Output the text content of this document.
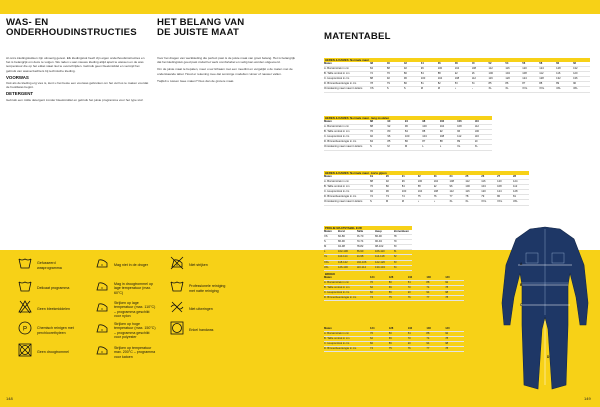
WAS- EN
ONDERHOUDINSTRUCTIES
HET BELANG VAN
DE JUISTE MAAT	MATENTABEL

Al onze kledingstukken zijn uitvoerig getest. Elk kledingstuk heeft zijn eigen onderhoudsinstructies en het is belangrijk om deze te volgen. We raden u aan nieuwe kleding altijd apart te wassen en de was temperatuur die op het etiket staat niet te overschrijden. Gebruik geen bleekmiddel en vermijd het gebruik van wasverzachters bij technische kleding.

VOORWAS

Ook als de kleding erg vies is, kunt u het beste een voorwas gebruiken om het vuil los te maken voordat de hoofdwas begint.

DETERGENT

Gebruik een milde detergent zonder bleekmiddel en gebruik het juiste programma voor het type stof.

Voor het dragen van werkkleding die perfect past is de juiste maat van groot belang. Het is belangrijk dat het kledingstuk goed past zodat het werk comfortabel en veilig kan worden uitgevoerd.

Om de juiste maat te bepalen, meet u uw lichaam met een meetlint en vergelijkt u de maten met de onderstaande tabel. Houd er rekening mee dat sommige modellen ruimer of nauwer vallen.

Twijfelt u tussen twee maten? Kies dan de grotere maat.

Gefusseerd wasprogramma
Delicaat programma
Geen bleekmiddelen
P	Chemisch reinigen met perchloorethyleen
Geen droogtrommel
Mag niet in de droger
Mag in droogtrommel op lage temperatuur (max. 60°C)
Strijken op lage temperatuur (max. 110°C) – programma geschikt voor nylon
Strijken op hoge temperatuur (max. 150°C) – programma geschikt voor polyester
Strijken op temperatuur max. 200°C – programma voor katoen
Niet strijken
Professionele reiniging met natte reiniging
Niet uitwringen
Enkel handwas
HEREN & DAMES: Normale maat
Maten	38	40	42	44	46	48	50	52	54	56	58	60	62
A. Borstomtrek in cm	84	88	92	96	100	104	108	112	116	120	124	128	132
B. Taille omtrek in cm	72	76	80	84	88	92	96	100	104	108	112	116	120
C. Heupomtrek in cm	88	92	96	100	104	108	112	116	120	124	128	132	136
D. Binnenbeenlengte in cm	78	79	80	81	82	83	84	85	86	87	88	89	90
Omrekening naar maat in letters	XS	S	S	M	M	L	L	XL	XL	XXL	XXL	3XL	3XL
HEREN & DAMES: Normale maat - lang modelen
Maten	88	90	94	98	102	106	110
A. Borstomtrek in cm	88	92	96	100	104	108	112
B. Taille omtrek in cm	76	80	84	88	92	96	100
C. Heupomtrek in cm	92	96	100	104	108	112	116
D. Binnenbeenlengte in cm	84	85	86	87	88	89	90
Omrekening naar maat in letters	S	M	M	L	L	XL	XL
HEREN & DAMES: Normale maat - korte gijzen
Maten	19	20	21	22	23	24	25	26	27	28
A. Borstomtrek in cm	88	92	96	100	104	108	112	116	120	124
B. Taille omtrek in cm	76	80	84	88	92	96	100	104	108	112
C. Heupomtrek in cm	92	96	100	104	108	112	116	120	124	128
D. Binnenbeenlengte in cm	72	73	74	75	76	77	78	79	80	81
Omrekening naar maat in letters	S	M	M	L	L	XL	XL	XXL	XXL	3XL
PROLIB MAATSTABEL EUR
Maten	Borst	Taille	Heup	Binnenbeen
XS	82-86	66-70	86-90	78
S	86-90	70-74	90-94	79
M	94-98	78-82	98-102	80
L	102-106	86-90	106-110	81
XL	110-114	94-98	114-118	82
XXL	118-122	102-106	122-126	83
3XL	126-130	110-114	130-134	84
BROEK
Maten	124	128	132	136	140
A. Borstomtrek in cm	76	80	84	88	92
B. Taille omtrek in cm	62	66	70	74	78
C. Heupomtrek in cm	82	86	90	94	98
D. Binnenbeenlengte in cm	74	75	76	77	78
Maten	124	128	132	136	140
A. Borstomtrek in cm	76	80	84	88	92
B. Taille omtrek in cm	62	66	70	74	78
C. Heupomtrek in cm	82	86	90	94	98
D. Binnenbeenlengte in cm	74	75	76	77	78
A
B
C
D
148	149
